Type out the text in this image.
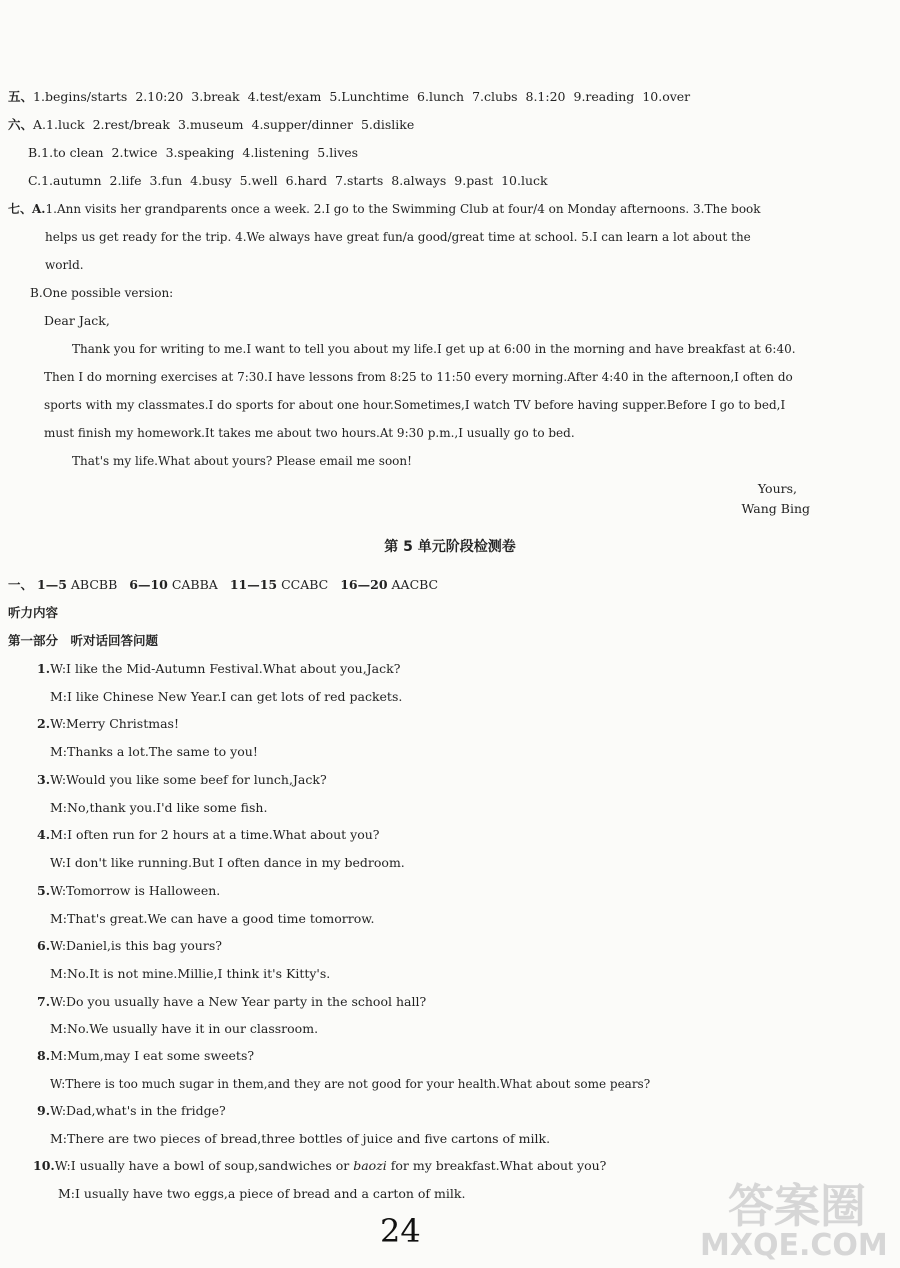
五、1.begins/starts 2.10:20 3.break 4.test/exam 5.Lunchtime 6.lunch 7.clubs 8.1:20 9.reading 10.over
六、A.1.luck 2.rest/break 3.museum 4.supper/dinner 5.dislike
B.1.to clean 2.twice 3.speaking 4.listening 5.lives
C.1.autumn 2.life 3.fun 4.busy 5.well 6.hard 7.starts 8.always 9.past 10.luck
七、A.1.Ann visits her grandparents once a week. 2.I go to the Swimming Club at four/4 on Monday afternoons. 3.The book
helps us get ready for the trip. 4.We always have great fun/a good/great time at school. 5.I can learn a lot about the
world.
B.One possible version:
Dear Jack,
Thank you for writing to me.I want to tell you about my life.I get up at 6:00 in the morning and have breakfast at 6:40.
Then I do morning exercises at 7:30.I have lessons from 8:25 to 11:50 every morning.After 4:40 in the afternoon,I often do
sports with my classmates.I do sports for about one hour.Sometimes,I watch TV before having supper.Before I go to bed,I
must finish my homework.It takes me about two hours.At 9:30 p.m.,I usually go to bed.
That's my life.What about yours? Please email me soon!
Yours,
Wang Bing
第 5 单元阶段检测卷
一、 1—5 ABCBB 6—10 CABBA 11—15 CCABC 16—20 AACBC
听力内容
第一部分　听对话回答问题
1.W:I like the Mid-Autumn Festival.What about you,Jack?
M:I like Chinese New Year.I can get lots of red packets.
2.W:Merry Christmas!
M:Thanks a lot.The same to you!
3.W:Would you like some beef for lunch,Jack?
M:No,thank you.I'd like some fish.
4.M:I often run for 2 hours at a time.What about you?
W:I don't like running.But I often dance in my bedroom.
5.W:Tomorrow is Halloween.
M:That's great.We can have a good time tomorrow.
6.W:Daniel,is this bag yours?
M:No.It is not mine.Millie,I think it's Kitty's.
7.W:Do you usually have a New Year party in the school hall?
M:No.We usually have it in our classroom.
8.M:Mum,may I eat some sweets?
W:There is too much sugar in them,and they are not good for your health.What about some pears?
9.W:Dad,what's in the fridge?
M:There are two pieces of bread,three bottles of juice and five cartons of milk.
10.W:I usually have a bowl of soup,sandwiches or baozi for my breakfast.What about you?
M:I usually have two eggs,a piece of bread and a carton of milk.
24	答案圈
MXQE.COM
